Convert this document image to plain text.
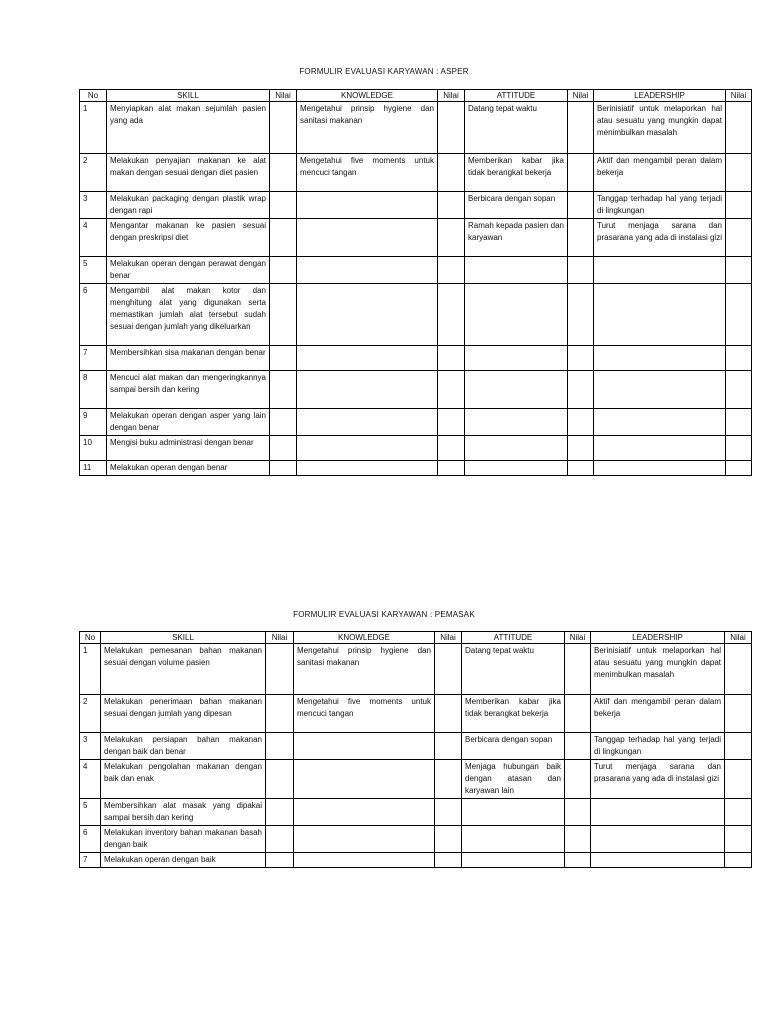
FORMULIR EVALUASI KARYAWAN : ASPER
No	SKILL	Nilai	KNOWLEDGE	Nilai	ATTITUDE	Nilai	LEADERSHIP	Nilai
1	Menyiapkan alat makan sejumlah pasien yang ada		Mengetahui prinsip hygiene dan sanitasi makanan		Datang tepat waktu		Berinisiatif untuk melaporkan hal atau sesuatu yang mungkin dapat menimbulkan masalah	
2	Melakukan penyajian makanan ke alat makan dengan sesuai dengan diet pasien		Mengetahui five moments untuk mencuci tangan		Memberikan kabar jika tidak berangkat bekerja		Aktif dan mengambil peran dalam bekerja	
3	Melakukan packaging dengan plastik wrap dengan rapi				Berbicara dengan sopan		Tanggap terhadap hal yang terjadi di lingkungan	
4	Mengantar makanan ke pasien sesuai dengan preskripsi diet				Ramah kepada pasien dan karyawan		Turut menjaga sarana dan prasarana yang ada di instalasi gizi	
5	Melakukan operan dengan perawat dengan benar							
6	Mengambil alat makan kotor dan menghitung alat yang digunakan serta memastikan jumlah alat tersebut sudah sesuai dengan jumlah yang dikeluarkan							
7	Membersihkan sisa makanan dengan benar							
8	Mencuci alat makan dan mengeringkannya sampai bersih dan kering							
9	Melakukan operan dengan asper yang lain dengan benar							
10	Mengisi buku administrasi dengan benar							
11	Melakukan operan dengan benar							
FORMULIR EVALUASI KARYAWAN : PEMASAK
No	SKILL	Nilai	KNOWLEDGE	Nilai	ATTITUDE	Nilai	LEADERSHIP	Nilai
1	Melakukan pemesanan bahan makanan sesuai dengan volume pasien		Mengetahui prinsip hygiene dan sanitasi makanan		Datang tepat waktu		Berinisiatif untuk melaporkan hal atau sesuatu yang mungkin dapat menimbulkan masalah	
2	Melakukan penerimaan bahan makanan sesuai dengan jumlah yang dipesan		Mengetahui five moments untuk mencuci tangan		Memberikan kabar jika tidak berangkat bekerja		Aktif dan mengambil peran dalam bekerja	
3	Melakukan persiapan bahan makanan dengan baik dan benar				Berbicara dengan sopan		Tanggap terhadap hal yang terjadi di lingkungan	
4	Melakukan pengolahan makanan dengan baik dan enak				Menjaga hubungan baik dengan atasan dan karyawan lain		Turut menjaga sarana dan prasarana yang ada di instalasi gizi	
5	Membersihkan alat masak yang dipakai sampai bersih dan kering							
6	Melakukan inventory bahan makanan basah dengan baik							
7	Melakukan operan dengan baik							
